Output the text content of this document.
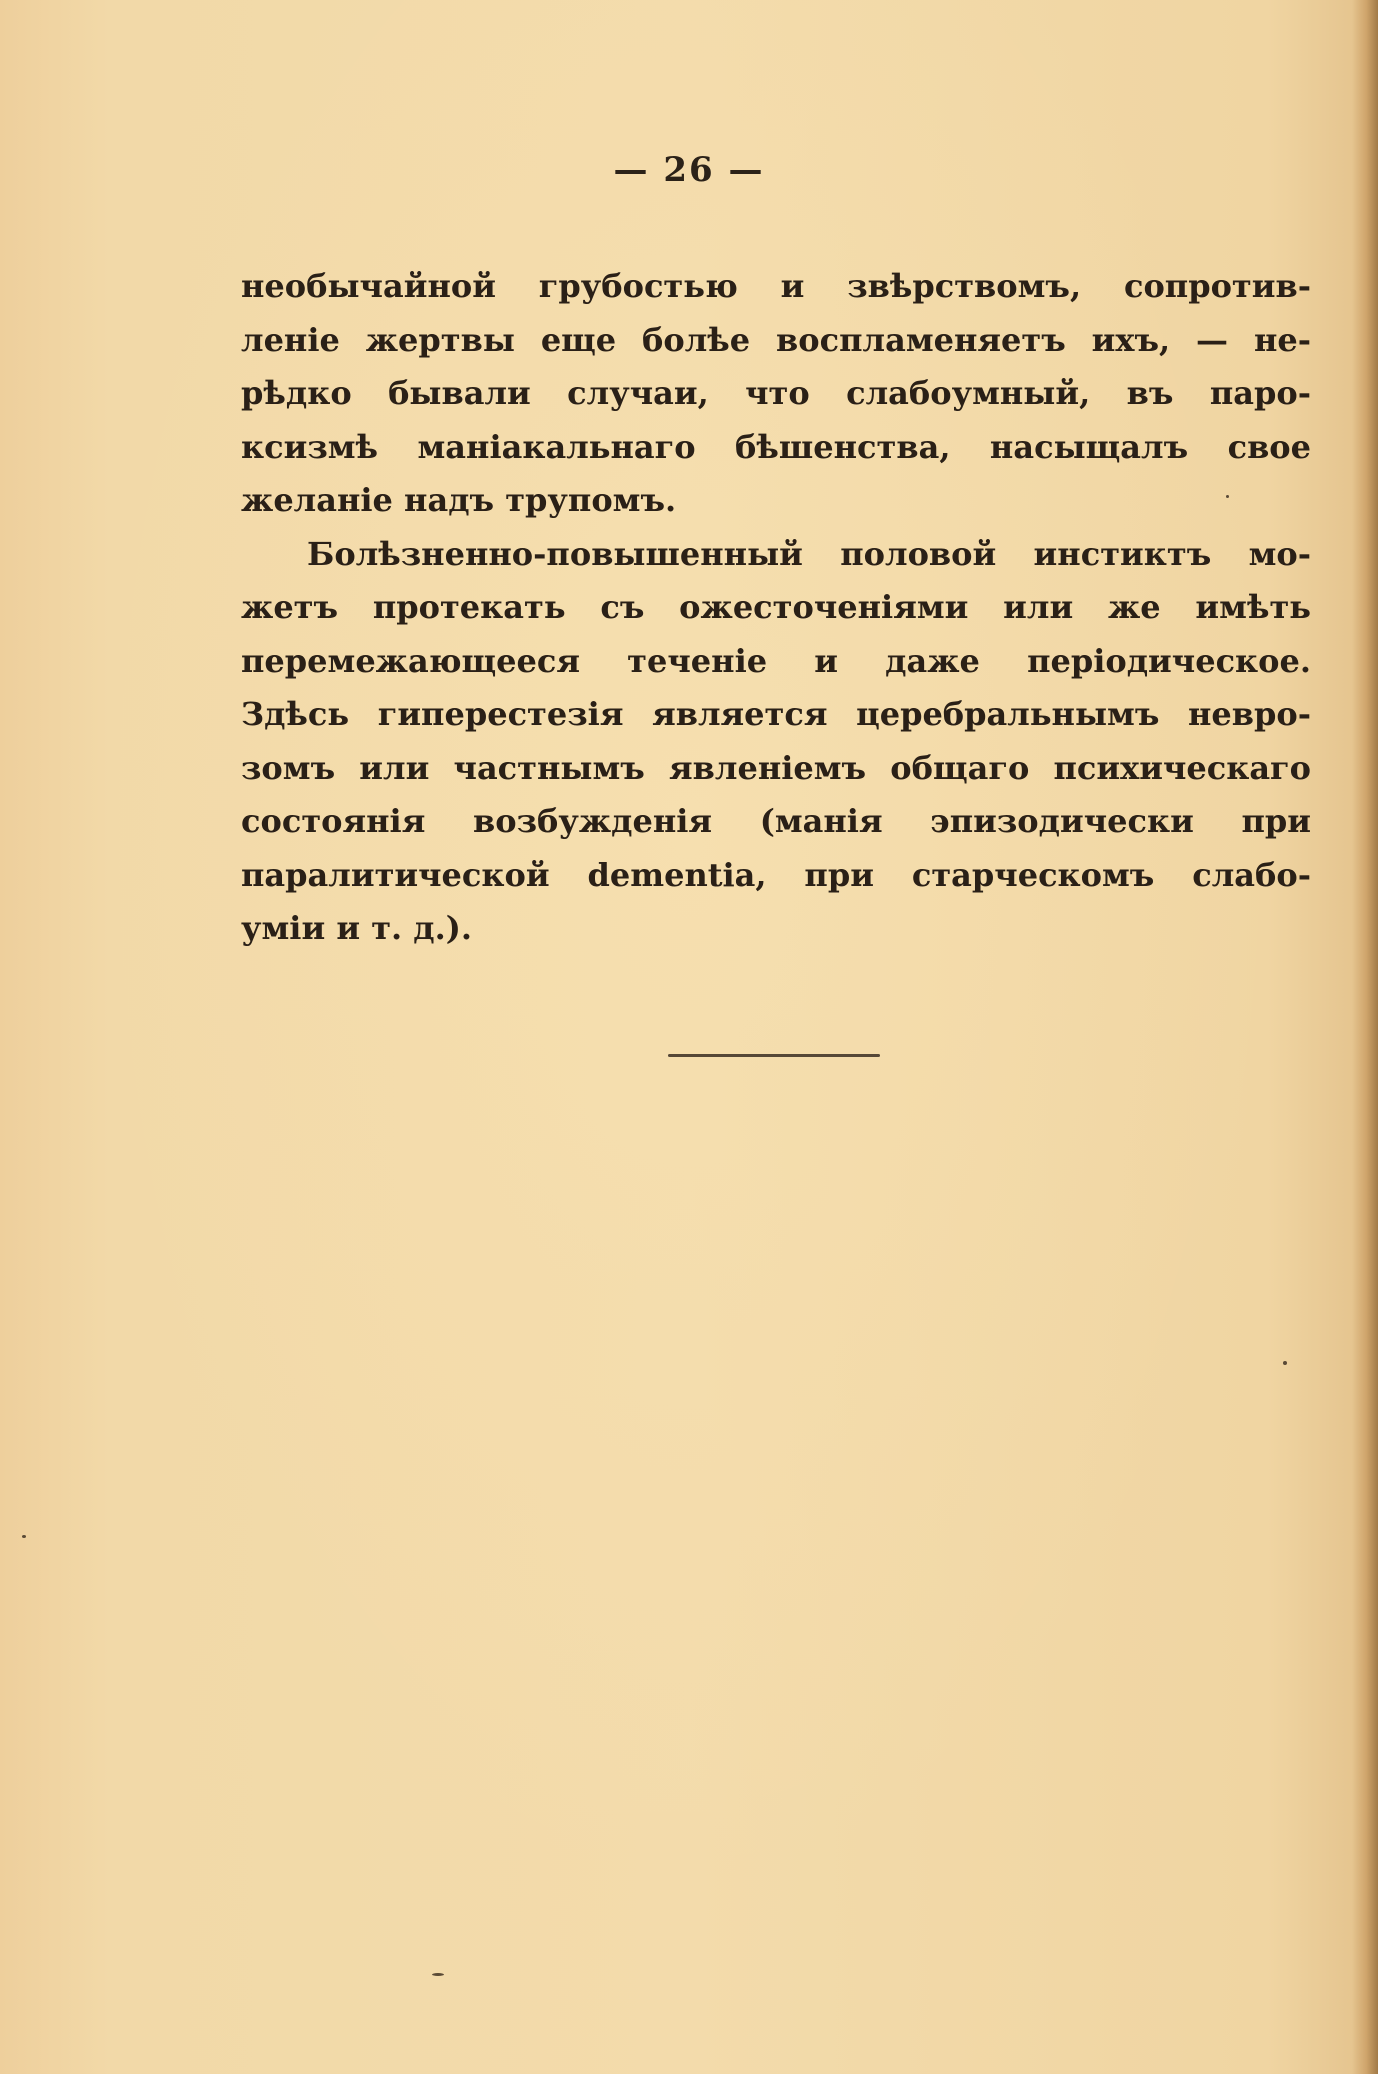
— 26 —

необычайной грубостью и звѣрствомъ, сопротив-
леніе жертвы еще болѣе воспламеняетъ ихъ, — не-
рѣдко бывали случаи, что слабоумный, въ паро-
ксизмѣ маніакальнаго бѣшенства, насыщалъ свое
желаніе надъ трупомъ.

Болѣзненно-повышенный половой инстиктъ мо-
жетъ протекать съ ожесточеніями или же имѣть
перемежающееся теченіе и даже періодическое.
Здѣсь гиперестезія является церебральнымъ невро-
зомъ или частнымъ явленіемъ общаго психическаго
состоянія возбужденія (манія эпизодически при
паралитической dementia, при старческомъ слабо-
уміи и т. д.).
